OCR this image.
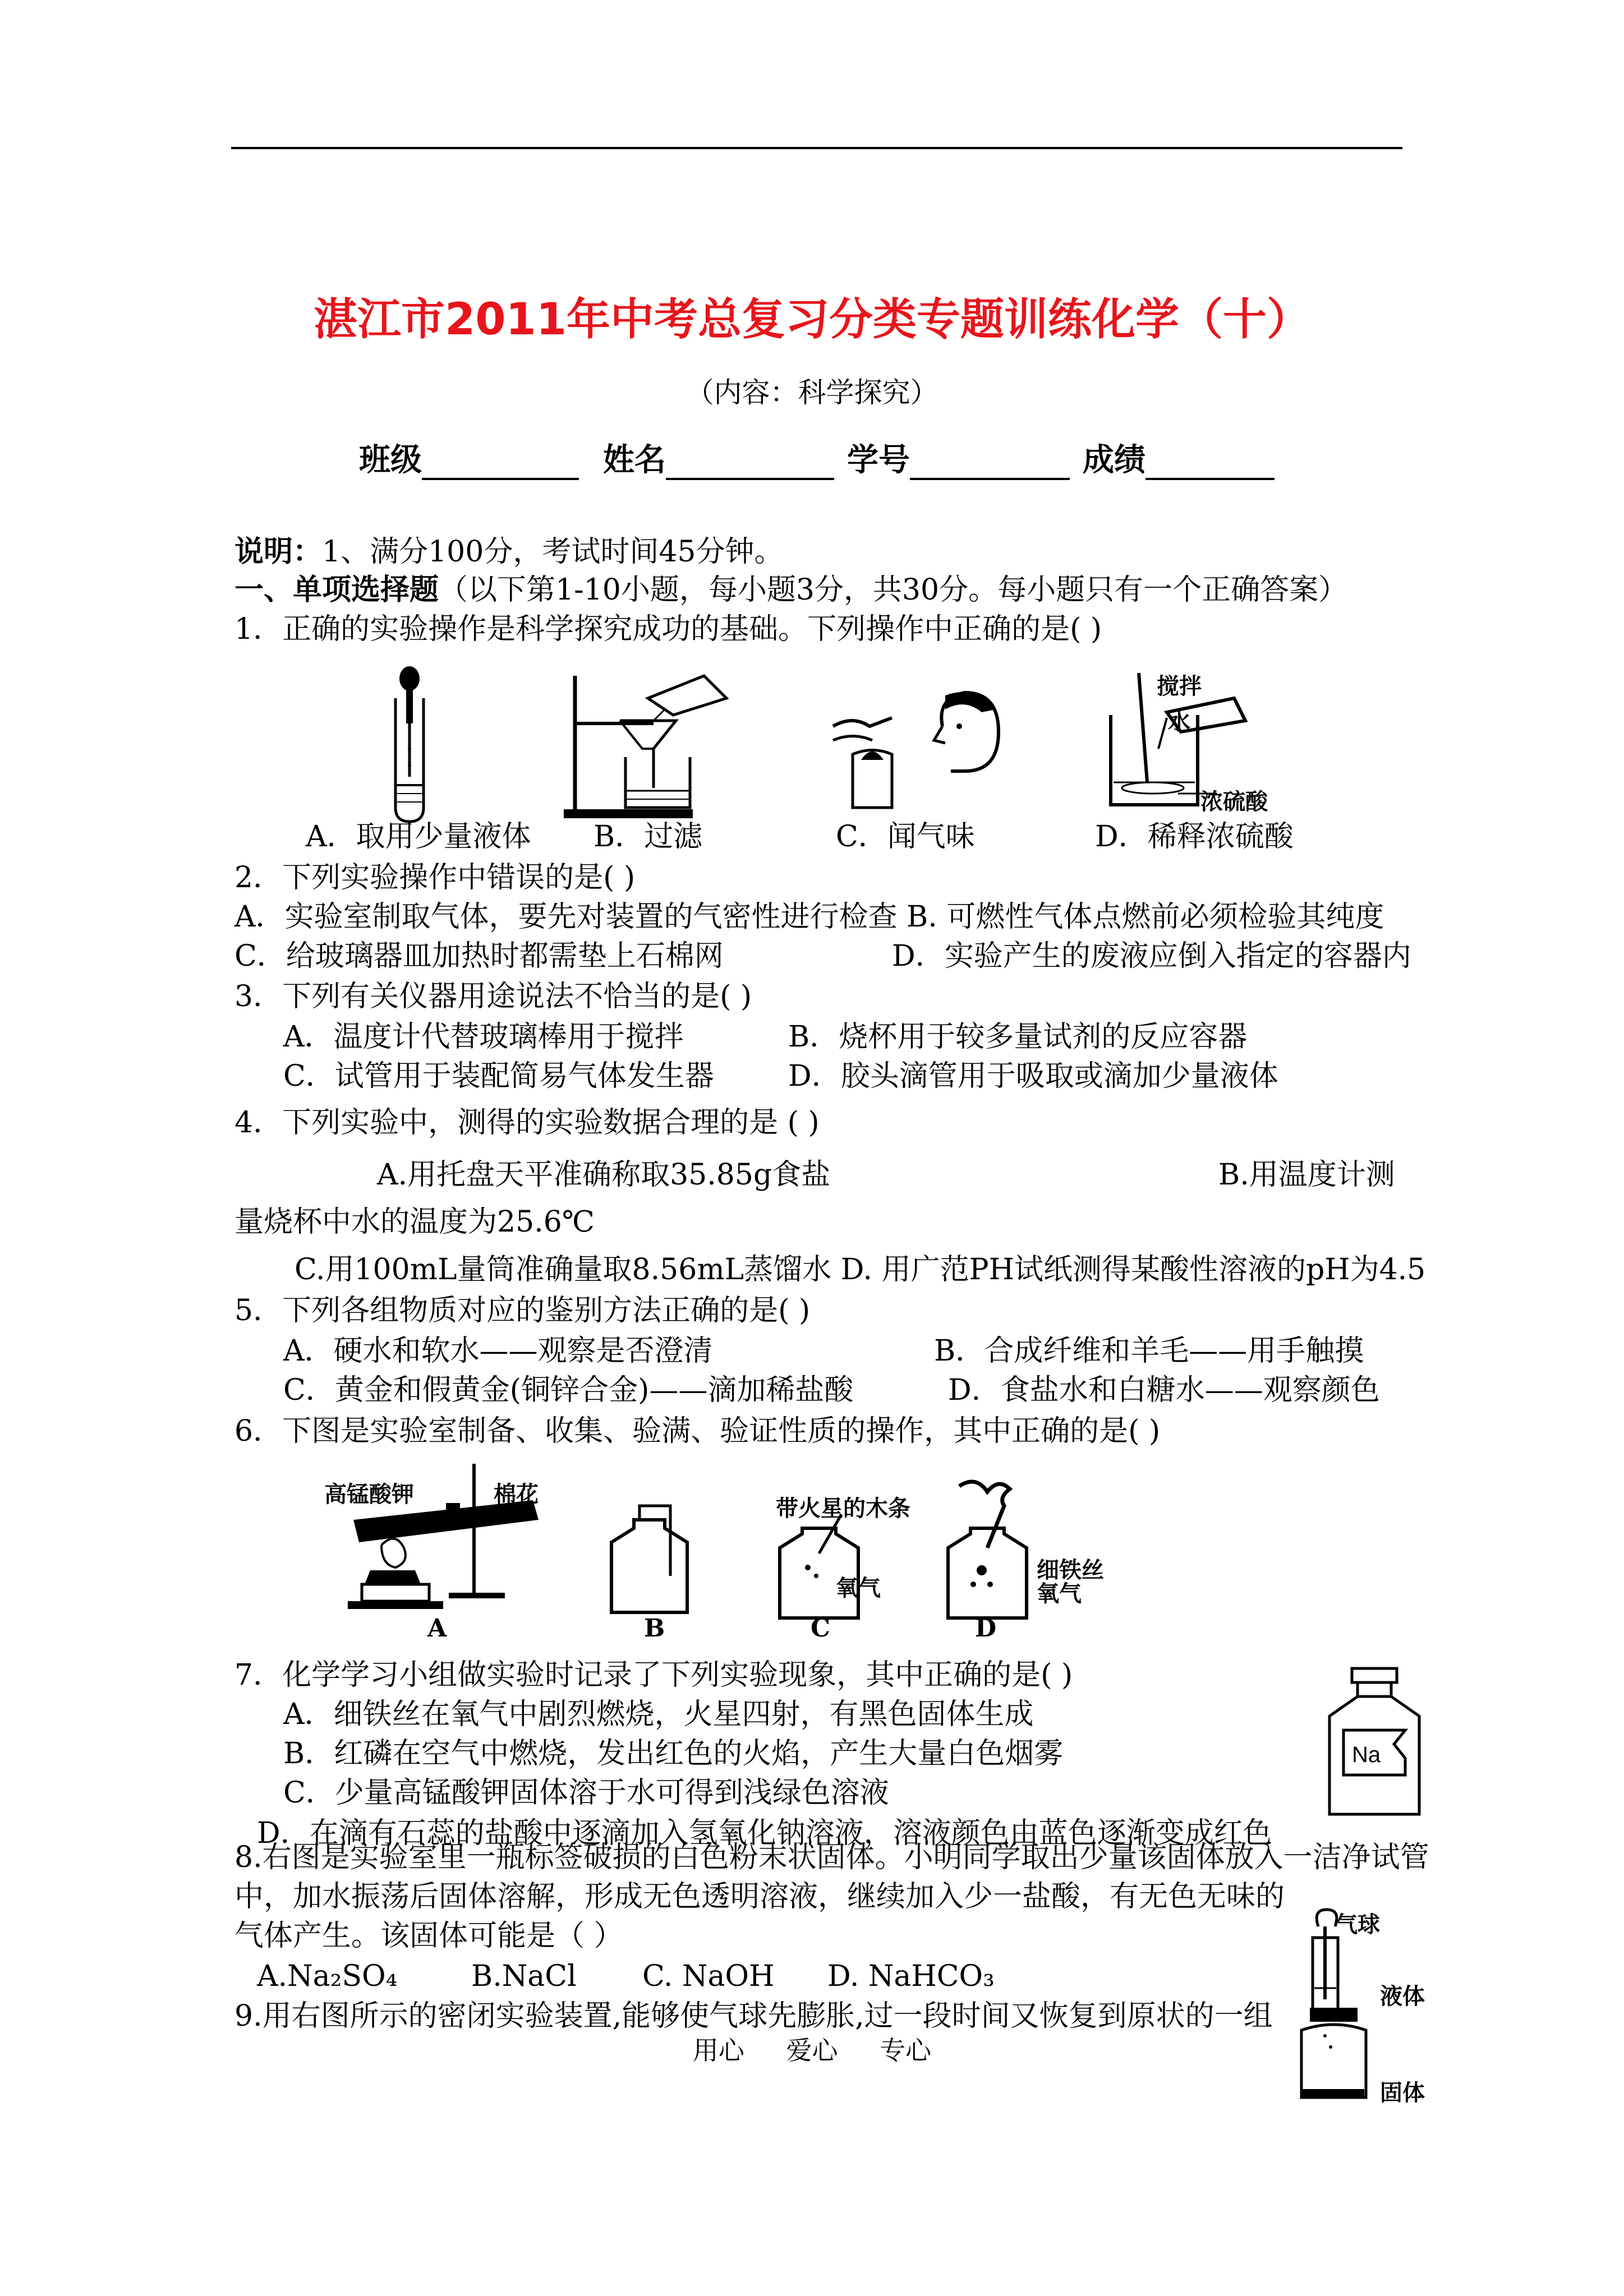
湛江市2011年中考总复习分类专题训练化学（十）
（内容：科学探究）
班级	姓名	学号	成绩
说明：1、满分100分，考试时间45分钟。
一、单项选择题（以下第1-10小题，每小题3分，共30分。每小题只有一个正确答案）
1．正确的实验操作是科学探究成功的基础。下列操作中正确的是( )
搅拌
水
浓硫酸
A．取用少量液体 B．过滤	C．闻气味	D．稀释浓硫酸
2．下列实验操作中错误的是( )
A．实验室制取气体，要先对装置的气密性进行检查 B. 可燃性气体点燃前必须检验其纯度
C．给玻璃器皿加热时都需垫上石棉网	D．实验产生的废液应倒入指定的容器内
3．下列有关仪器用途说法不恰当的是( )
A．温度计代替玻璃棒用于搅拌	B．烧杯用于较多量试剂的反应容器
C．试管用于装配简易气体发生器	D．胶头滴管用于吸取或滴加少量液体
4．下列实验中，测得的实验数据合理的是 ( )
A.用托盘天平准确称取35.85g食盐	B.用温度计测
量烧杯中水的温度为25.6℃
C.用100mL量筒准确量取8.56mL蒸馏水 D. 用广范PH试纸测得某酸性溶液的pH为4.5
5．下列各组物质对应的鉴别方法正确的是( )
A．硬水和软水——观察是否澄清	B．合成纤维和羊毛——用手触摸
C．黄金和假黄金(铜锌合金)——滴加稀盐酸	D．食盐水和白糖水——观察颜色
6．下图是实验室制备、收集、验满、验证性质的操作，其中正确的是( )
高锰酸钾	棉花
带火星的木条
氧气
细铁丝
氧气
A	B	C	D
7．化学学习小组做实验时记录了下列实验现象，其中正确的是( )
A．细铁丝在氧气中剧烈燃烧，火星四射，有黑色固体生成
B．红磷在空气中燃烧，发出红色的火焰，产生大量白色烟雾
C．少量高锰酸钾固体溶于水可得到浅绿色溶液
D．在滴有石蕊的盐酸中逐滴加入氢氧化钠溶液，溶液颜色由蓝色逐渐变成红色
Na
8.右图是实验室里一瓶标签破损的白色粉末状固体。小明同学取出少量该固体放入一洁净试管
中，加水振荡后固体溶解，形成无色透明溶液，继续加入少一盐酸，有无色无味的
气体产生。该固体可能是（ ）
A.Na₂SO₄	B.NaCl C. NaOH D. NaHCO₃
9.用右图所示的密闭实验装置,能够使气球先膨胀,过一段时间又恢复到原状的一组
气球
液体
固体
用心 爱心 专心
